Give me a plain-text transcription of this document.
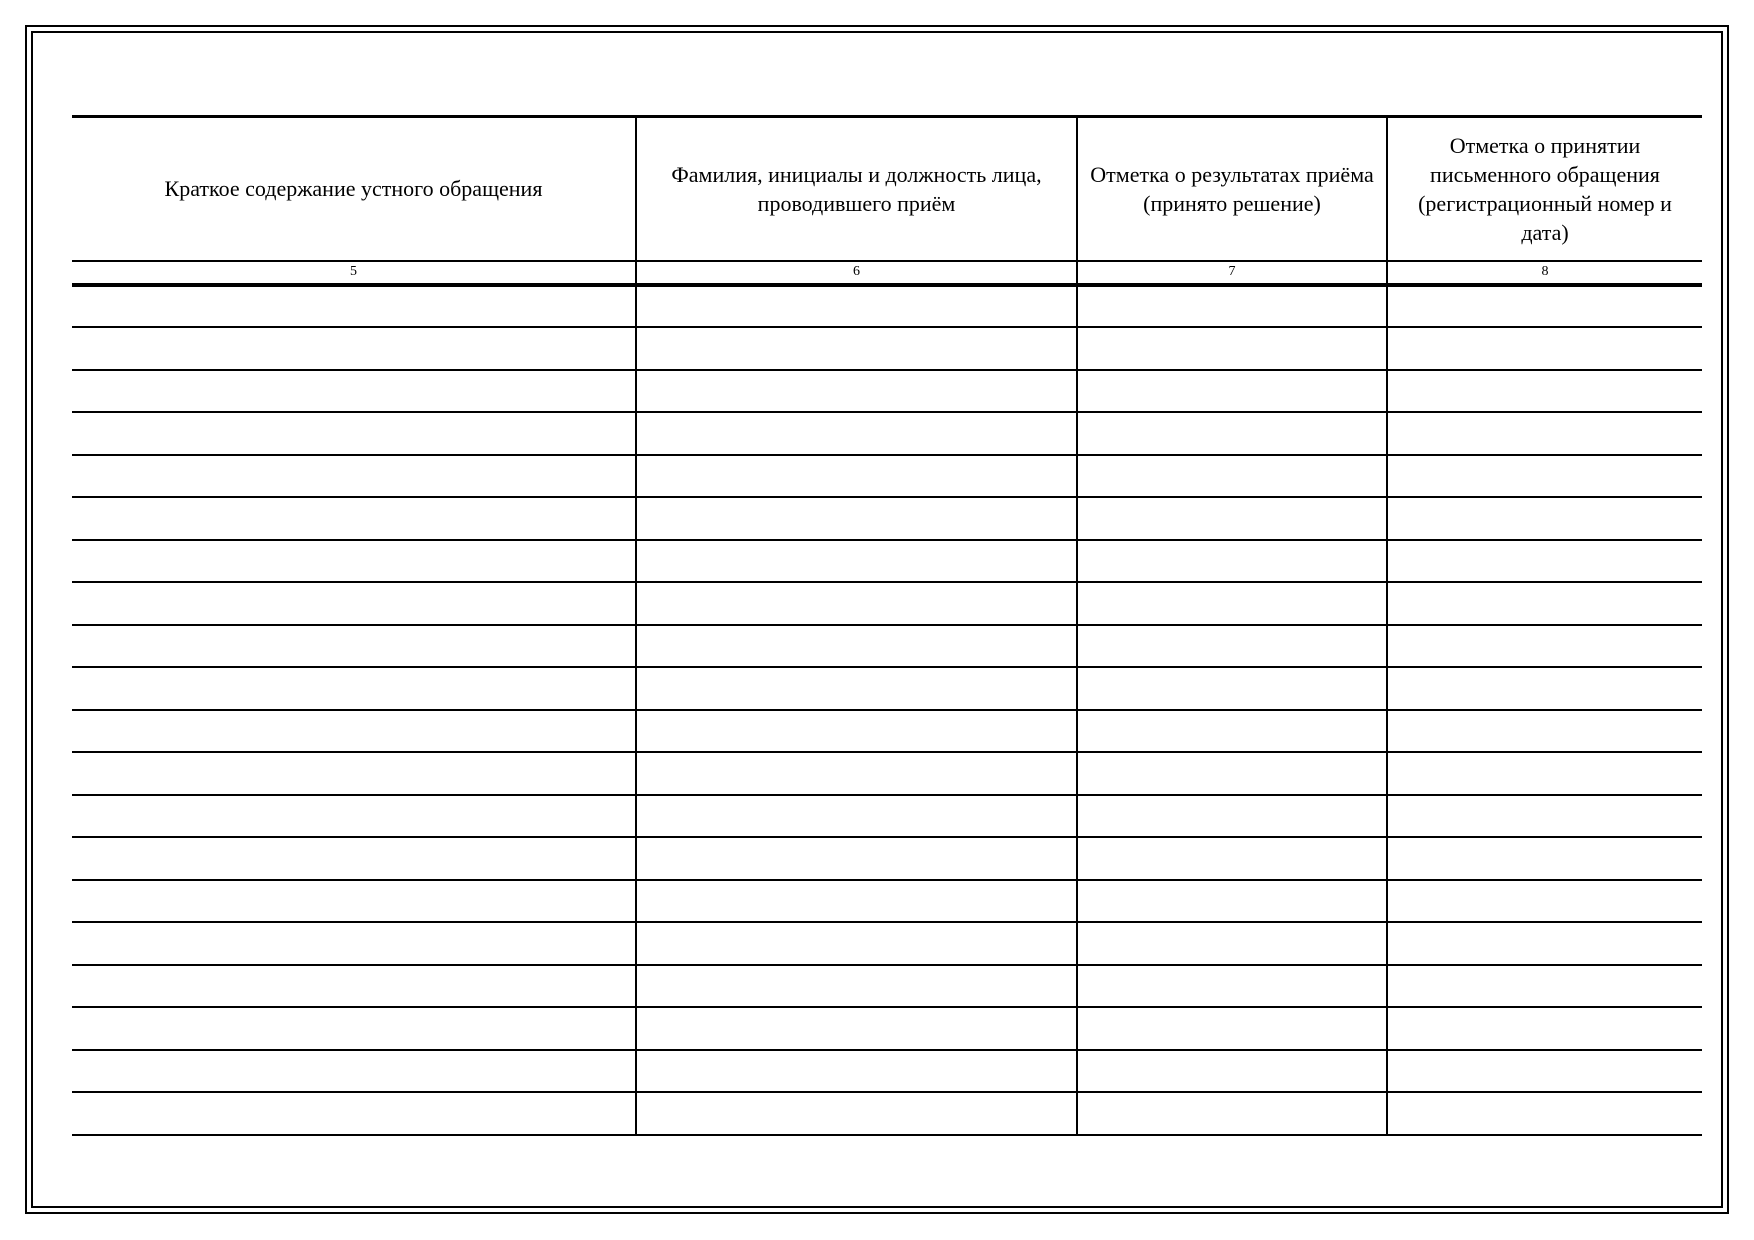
Краткое содержание устного обращения	Фамилия, инициалы и должность лица, проводившего приём	Отметка о результатах приёма (принято решение)	Отметка о принятии письменного обращения (регистрационный номер и дата)
5	6	7	8
